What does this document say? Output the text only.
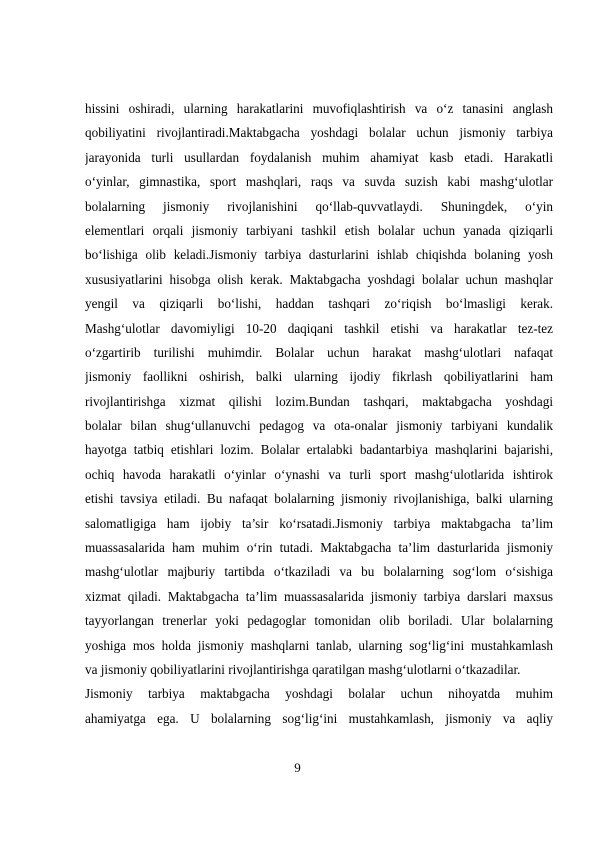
hissini oshiradi, ularning harakatlarini muvofiqlashtirish va o‘z tanasini anglash
qobiliyatini rivojlantiradi.Maktabgacha yoshdagi bolalar uchun jismoniy tarbiya
jarayonida turli usullardan foydalanish muhim ahamiyat kasb etadi. Harakatli
o‘yinlar, gimnastika, sport mashqlari, raqs va suvda suzish kabi mashg‘ulotlar
bolalarning jismoniy rivojlanishini qo‘llab-quvvatlaydi. Shuningdek, o‘yin
elementlari orqali jismoniy tarbiyani tashkil etish bolalar uchun yanada qiziqarli
bo‘lishiga olib keladi.Jismoniy tarbiya dasturlarini ishlab chiqishda bolaning yosh
xususiyatlarini hisobga olish kerak. Maktabgacha yoshdagi bolalar uchun mashqlar
yengil va qiziqarli bo‘lishi, haddan tashqari zo‘riqish bo‘lmasligi kerak.
Mashg‘ulotlar davomiyligi 10-20 daqiqani tashkil etishi va harakatlar tez-tez
o‘zgartirib turilishi muhimdir. Bolalar uchun harakat mashg‘ulotlari nafaqat
jismoniy faollikni oshirish, balki ularning ijodiy fikrlash qobiliyatlarini ham
rivojlantirishga xizmat qilishi lozim.Bundan tashqari, maktabgacha yoshdagi
bolalar bilan shug‘ullanuvchi pedagog va ota-onalar jismoniy tarbiyani kundalik
hayotga tatbiq etishlari lozim. Bolalar ertalabki badantarbiya mashqlarini bajarishi,
ochiq havoda harakatli o‘yinlar o‘ynashi va turli sport mashg‘ulotlarida ishtirok
etishi tavsiya etiladi. Bu nafaqat bolalarning jismoniy rivojlanishiga, balki ularning
salomatligiga ham ijobiy ta’sir ko‘rsatadi.Jismoniy tarbiya maktabgacha ta’lim
muassasalarida ham muhim o‘rin tutadi. Maktabgacha ta’lim dasturlarida jismoniy
mashg‘ulotlar majburiy tartibda o‘tkaziladi va bu bolalarning sog‘lom o‘sishiga
xizmat qiladi. Maktabgacha ta’lim muassasalarida jismoniy tarbiya darslari maxsus
tayyorlangan trenerlar yoki pedagoglar tomonidan olib boriladi. Ular bolalarning
yoshiga mos holda jismoniy mashqlarni tanlab, ularning sog‘lig‘ini mustahkamlash
va jismoniy qobiliyatlarini rivojlantirishga qaratilgan mashg‘ulotlarni o‘tkazadilar.
Jismoniy tarbiya maktabgacha yoshdagi bolalar uchun nihoyatda muhim
ahamiyatga ega. U bolalarning sog‘lig‘ini mustahkamlash, jismoniy va aqliy
9
